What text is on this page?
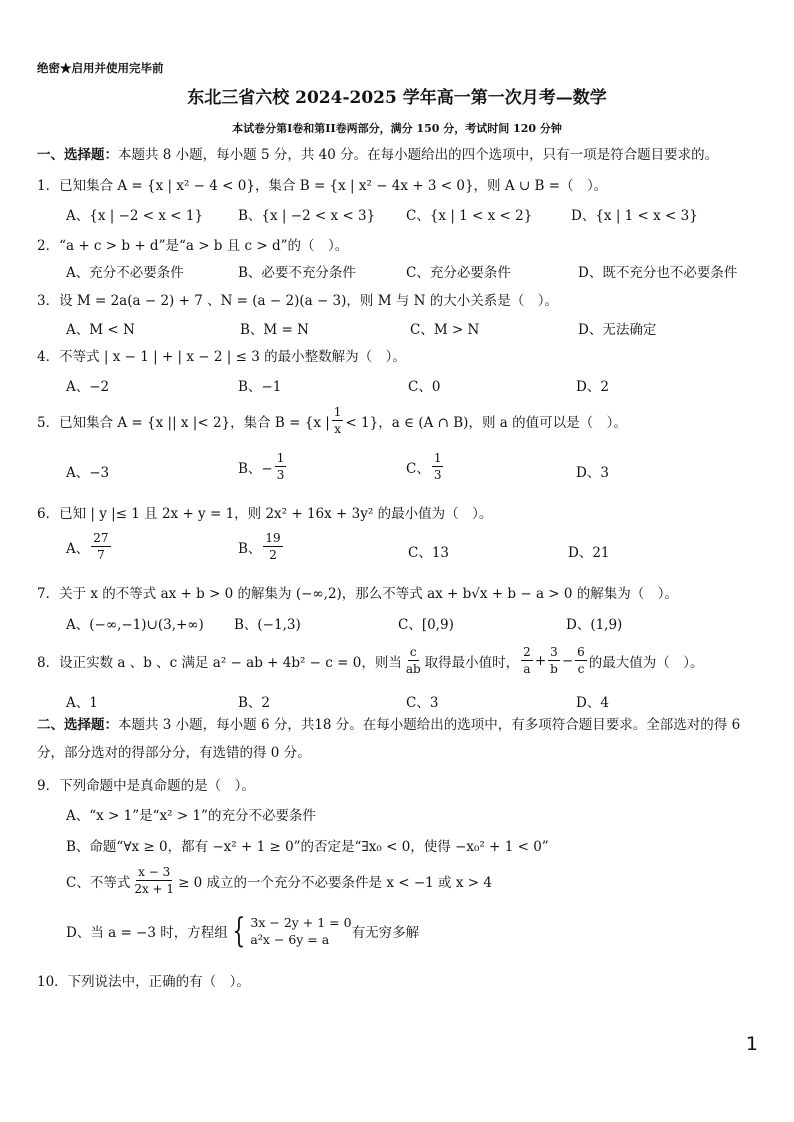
绝密★启用并使用完毕前
东北三省六校 2024-2025 学年高一第一次月考—数学
本试卷分第I卷和第II卷两部分，满分 150 分，考试时间 120 分钟
一、选择题：本题共 8 小题，每小题 5 分，共 40 分。在每小题给出的四个选项中，只有一项是符合题目要求的。
1．已知集合 A = {x | x² − 4 < 0}，集合 B = {x | x² − 4x + 3 < 0}，则 A ∪ B =（　）。
A、{x | −2 < x < 1}	B、{x | −2 < x < 3} C、{x | 1 < x < 2}	D、{x | 1 < x < 3}
2．“a + c > b + d”是“a > b 且 c > d”的（　）。
A、充分不必要条件	B、必要不充分条件	C、充分必要条件	D、既不充分也不必要条件
3．设 M = 2a(a − 2) + 7 、N = (a − 2)(a − 3)，则 M 与 N 的大小关系是（　）。
A、M < N	B、M = N	C、M > N	D、无法确定
4．不等式 | x − 1 | + | x − 2 | ≤ 3 的最小整数解为（　）。
A、−2	B、−1	C、0	D、2
5．已知集合 A = {x || x |< 2}，集合 B = {x | $\frac{1}{x} < 1$}，a ∈ (A ∩ B)，则 a 的值可以是（　）。
A、−3	B、− $\frac{1}{3}$	C、 $\frac{1}{3}$	D、3
6．已知 | y |≤ 1 且 2x + y = 1，则 2x² + 16x + 3y² 的最小值为（　）。
A、 $\frac{27}{7}$	B、 $\frac{19}{2}$	C、13	D、21
7．关于 x 的不等式 ax + b > 0 的解集为 (−∞,2)，那么不等式 ax + b√x + b − a > 0 的解集为（　）。
A、(−∞,−1)∪(3,+∞) B、(−1,3)	C、[0,9)	D、(1,9)
8．设正实数 a 、b 、c 满足 a² − ab + 4b² − c = 0，则当 $\frac{c}{ab}$ 取得最小值时， $\frac{2}{a} + \frac{3}{b} - \frac{6}{c}$ 的最大值为（　）。
A、1	B、2	C、3	D、4
二、选择题：本题共 3 小题，每小题 6 分，共18 分。在每小题给出的选项中，有多项符合题目要求。全部选对的得 6 分，部分选对的得部分分，有选错的得 0 分。
9．下列命题中是真命题的是（　）。
A、“x > 1”是“x² > 1”的充分不必要条件
B、命题“∀x ≥ 0，都有 −x² + 1 ≥ 0”的否定是“∃x₀ < 0，使得 −x₀² + 1 < 0”
C、不等式 $\frac{x - 3}{2x + 1} \ge 0$ 成立的一个充分不必要条件是 x < −1 或 x > 4
D、当 a = −3 时，方程组 { 3x − 2y + 1 = 0
a²x − 6y = a	有无穷多解
10．下列说法中，正确的有（　）。
1
